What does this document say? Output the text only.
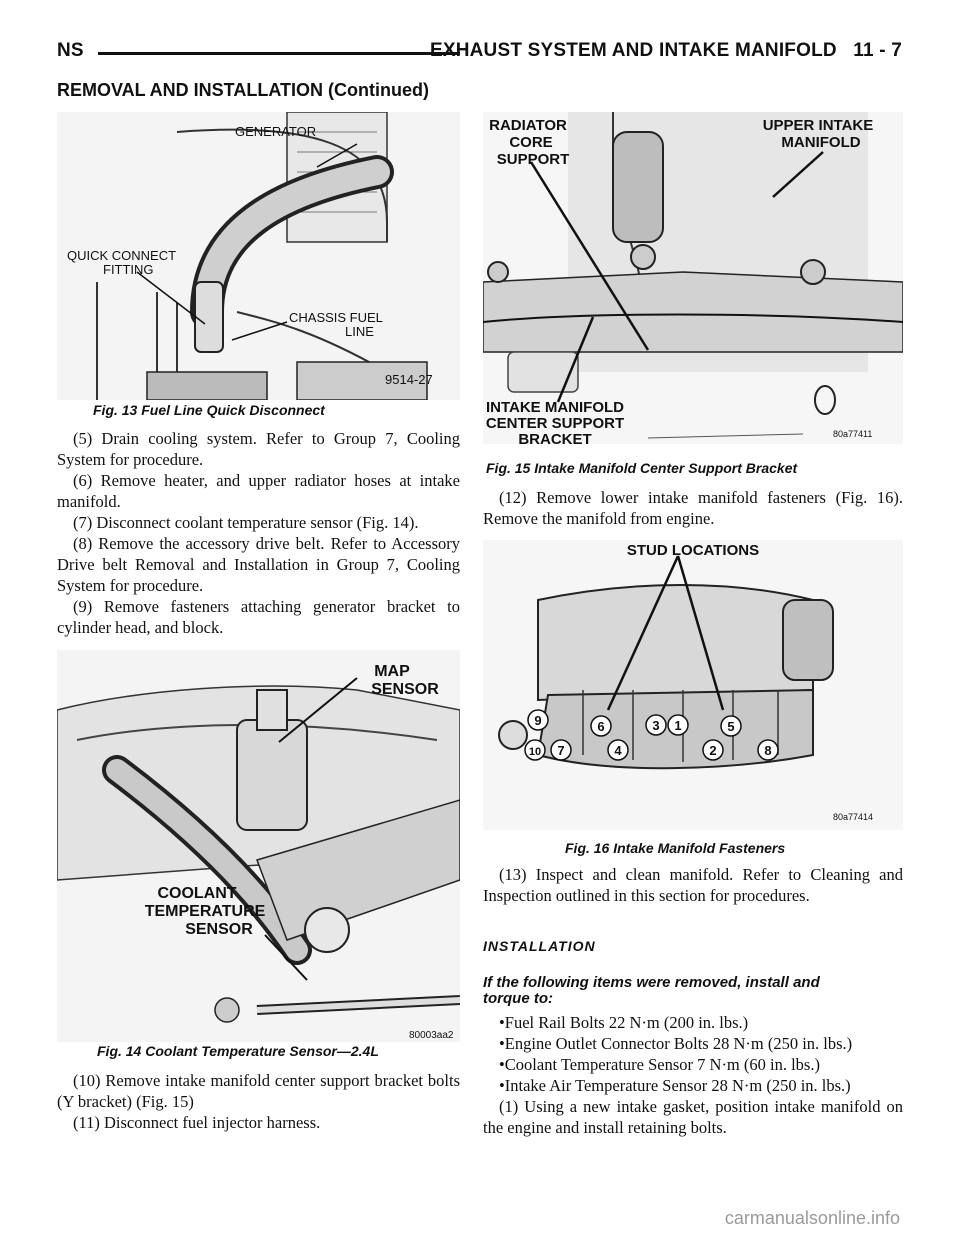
NS	EXHAUST SYSTEM AND INTAKE MANIFOLD 11 - 7
REMOVAL AND INSTALLATION (Continued)
GENERATOR
QUICK CONNECT
FITTING
CHASSIS FUEL
LINE
9514-27
Fig. 13 Fuel Line Quick Disconnect

(5) Drain cooling system. Refer to Group 7, Cooling System for procedure.

(6) Remove heater, and upper radiator hoses at intake manifold.

(7) Disconnect coolant temperature sensor (Fig. 14).

(8) Remove the accessory drive belt. Refer to Accessory Drive belt Removal and Installation in Group 7, Cooling System for procedure.

(9) Remove fasteners attaching generator bracket to cylinder head, and block.

MAP
SENSOR
COOLANT
TEMPERATURE
SENSOR
80003aa2
Fig. 14 Coolant Temperature Sensor—2.4L

(10) Remove intake manifold center support bracket bolts (Y bracket) (Fig. 15)

(11) Disconnect fuel injector harness.

RADIATOR
CORE
SUPPORT
UPPER INTAKE
MANIFOLD
INTAKE MANIFOLD
CENTER SUPPORT
BRACKET	80a77411
Fig. 15 Intake Manifold Center Support Bracket

(12) Remove lower intake manifold fasteners (Fig. 16). Remove the manifold from engine.

STUD LOCATIONS
9	6	3 1	5
10 7	4	2	8
80a77414
Fig. 16 Intake Manifold Fasteners

(13) Inspect and clean manifold. Refer to Cleaning and Inspection outlined in this section for procedures.

INSTALLATION
If the following items were removed, install and torque to:

•Fuel Rail Bolts 22 N·m (200 in. lbs.)

•Engine Outlet Connector Bolts 28 N·m (250 in. lbs.)

•Coolant Temperature Sensor 7 N·m (60 in. lbs.)

•Intake Air Temperature Sensor 28 N·m (250 in. lbs.)

(1) Using a new intake gasket, position intake manifold on the engine and install retaining bolts.

carmanualsonline.info
